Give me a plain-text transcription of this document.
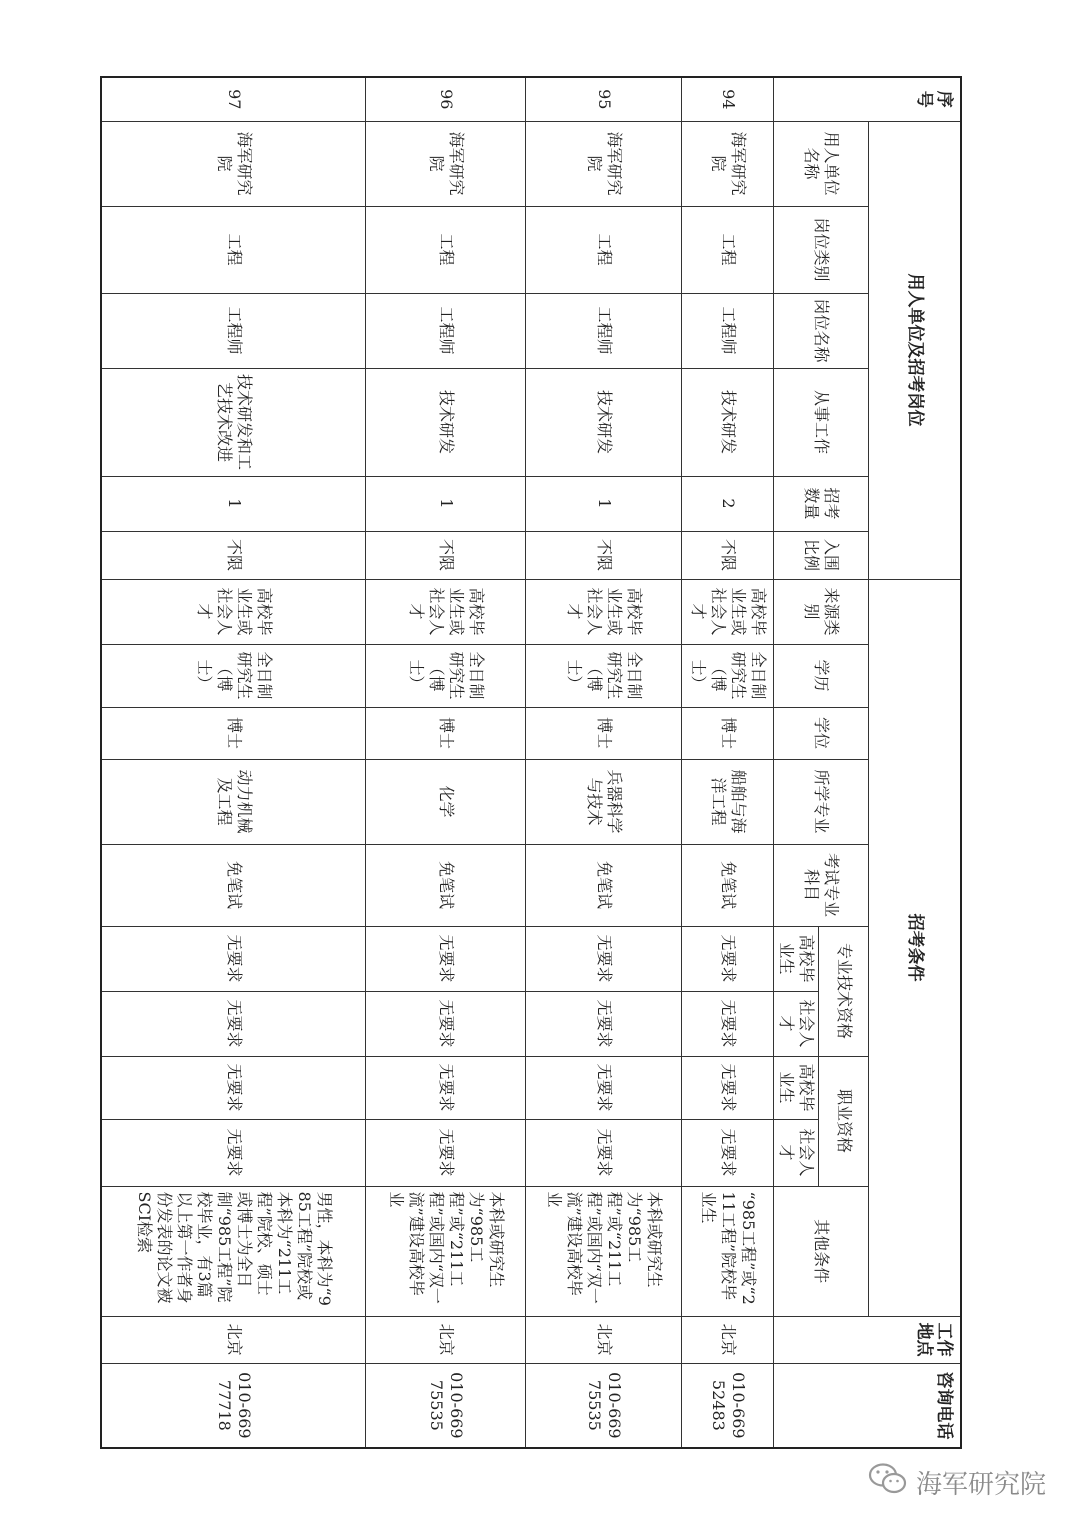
序号	用人单位及招考岗位						招考条件										工作地点	咨询电话
	用人单位名称	岗位类别	岗位名称	从事工作	招考数量	入围比例	来源类别	学历	学位	所学专业	考试专业科目	专业技术资格		职业资格		其他条件		
												高校毕业生	社会人才	高校毕业生	社会人才			
94	海军研究院	工程	工程师	技术研发	2	不限	高校毕业生或社会人才	全日制研究生（博士）	博士	船舶与海洋工程	免笔试	无要求	无要求	无要求	无要求	“985工程”或“211工程”院校毕业生	北京	010-66952483
95	海军研究院	工程	工程师	技术研发	1	不限	高校毕业生或社会人才	全日制研究生（博士）	博士	兵器科学与技术	免笔试	无要求	无要求	无要求	无要求	本科或研究生为“985工程”或“211工程”或国内“双一流”建设高校毕业	北京	010-66975535
96	海军研究院	工程	工程师	技术研发	1	不限	高校毕业生或社会人才	全日制研究生（博士）	博士	化学	免笔试	无要求	无要求	无要求	无要求	本科或研究生为“985工程”或“211工程”或国内“双一流”建设高校毕业	北京	010-66975535
97	海军研究院	工程	工程师	技术研发和工艺技术改进	1	不限	高校毕业生或社会人才	全日制研究生（博士）	博士	动力机械及工程	免笔试	无要求	无要求	无要求	无要求	男性，本科为“985工程”院校或本科为“211工程”院校、硕士或博士为全日制“985工程”院校毕业，有3篇以上第一作者身份发表的论文被SCI检索	北京	010-66977718
海军研究院
